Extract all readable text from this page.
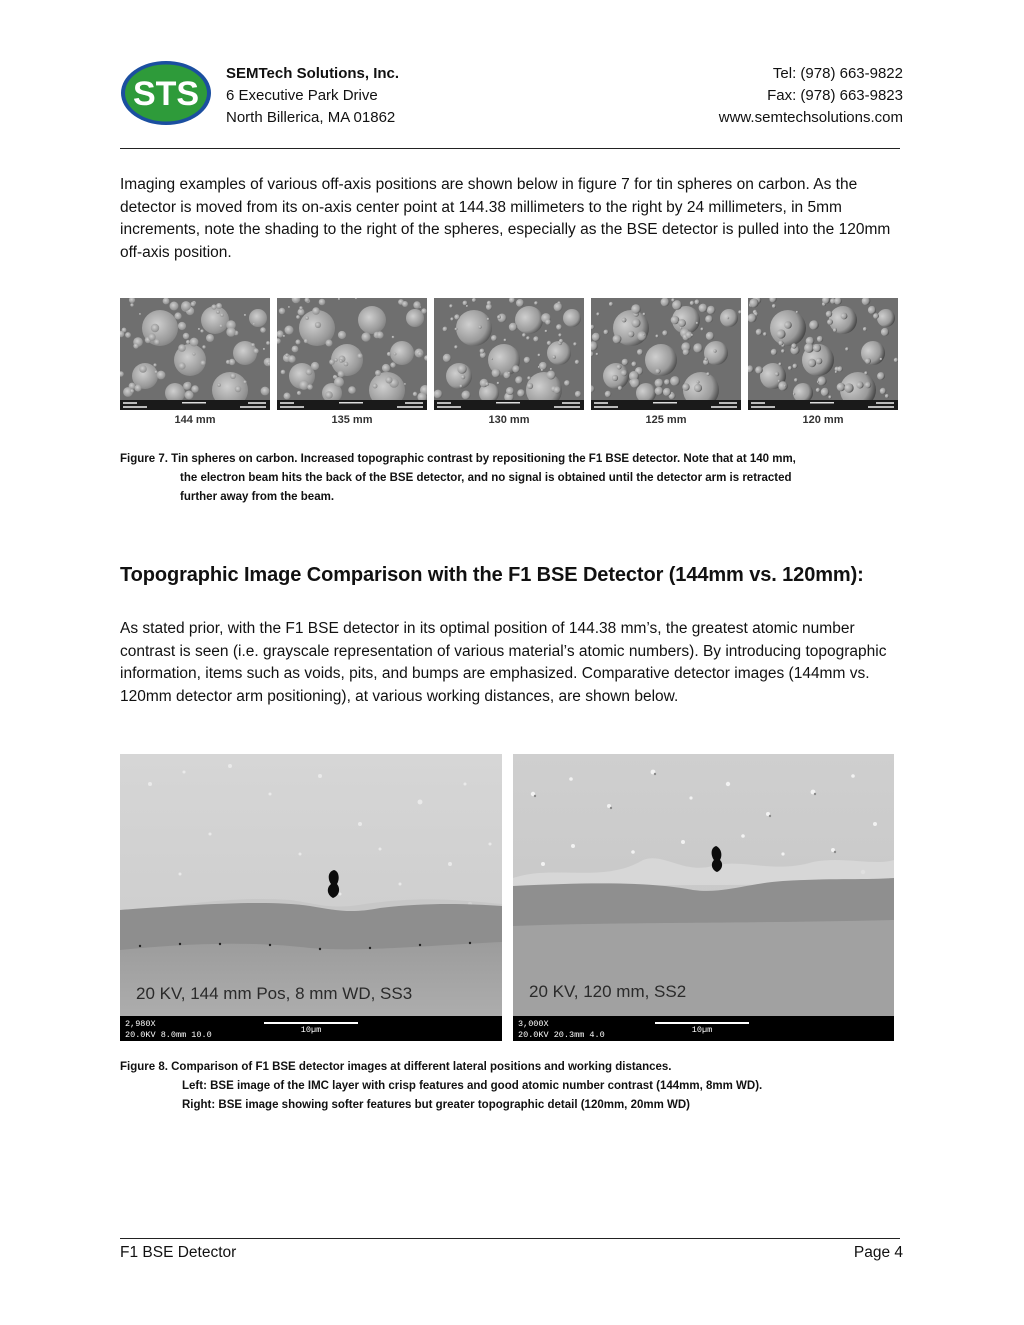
STS
SEMTech Solutions, Inc.
6 Executive Park Drive
North Billerica, MA 01862
Tel: (978) 663-9822
Fax: (978) 663-9823
www.semtechsolutions.com

Imaging examples of various off-axis positions are shown below in figure 7 for tin spheres on carbon. As the detector is moved from its on-axis center point at 144.38 millimeters to the right by 24 millimeters, in 5mm increments, note the shading to the right of the spheres, especially as the BSE detector is pulled into the 120mm off-axis position.

144 mm	135 mm	130 mm	125 mm	120 mm
Figure 7. Tin spheres on carbon. Increased topographic contrast by repositioning the F1 BSE detector. Note that at 140 mm,
the electron beam hits the back of the BSE detector, and no signal is obtained until the detector arm is retracted
further away from the beam.
Topographic Image Comparison with the F1 BSE Detector (144mm vs. 120mm):

As stated prior, with the F1 BSE detector in its optimal position of 144.38 mm’s, the greatest atomic number contrast is seen (i.e. grayscale representation of various material’s atomic numbers). By introducing topographic information, items such as voids, pits, and bumps are emphasized. Comparative detector images (144mm vs. 120mm detector arm positioning), at various working distances, are shown below.

20 KV, 144 mm Pos, 8 mm WD, SS3
2,980X
20.0KV 8.0mm 10.0	10µm
20 KV, 120 mm, SS2
3,000X
20.0KV 20.3mm 4.0	10µm
Figure 8. Comparison of F1 BSE detector images at different lateral positions and working distances.
Left: BSE image of the IMC layer with crisp features and good atomic number contrast (144mm, 8mm WD).
Right: BSE image showing softer features but greater topographic detail (120mm, 20mm WD)
F1 BSE Detector	Page 4
